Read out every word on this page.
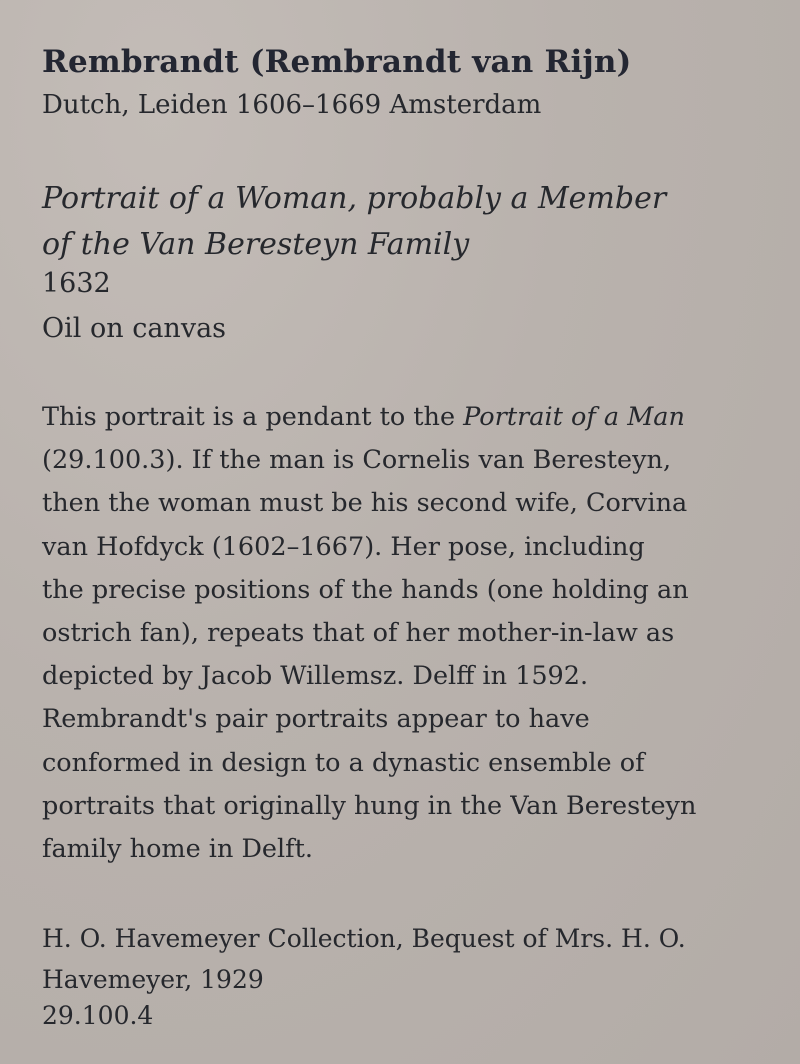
Rembrandt (Rembrandt van Rijn)
Dutch, Leiden 1606–1669 Amsterdam
Portrait of a Woman, probably a Member
of the Van Beresteyn Family
1632
Oil on canvas
This portrait is a pendant to the Portrait of a Man
(29.100.3). If the man is Cornelis van Beresteyn,
then the woman must be his second wife, Corvina
van Hofdyck (1602–1667). Her pose, including
the precise positions of the hands (one holding an
ostrich fan), repeats that of her mother-in-law as
depicted by Jacob Willemsz. Delff in 1592.
Rembrandt's pair portraits appear to have
conformed in design to a dynastic ensemble of
portraits that originally hung in the Van Beresteyn
family home in Delft.
H. O. Havemeyer Collection, Bequest of Mrs. H. O.
Havemeyer, 1929
29.100.4
